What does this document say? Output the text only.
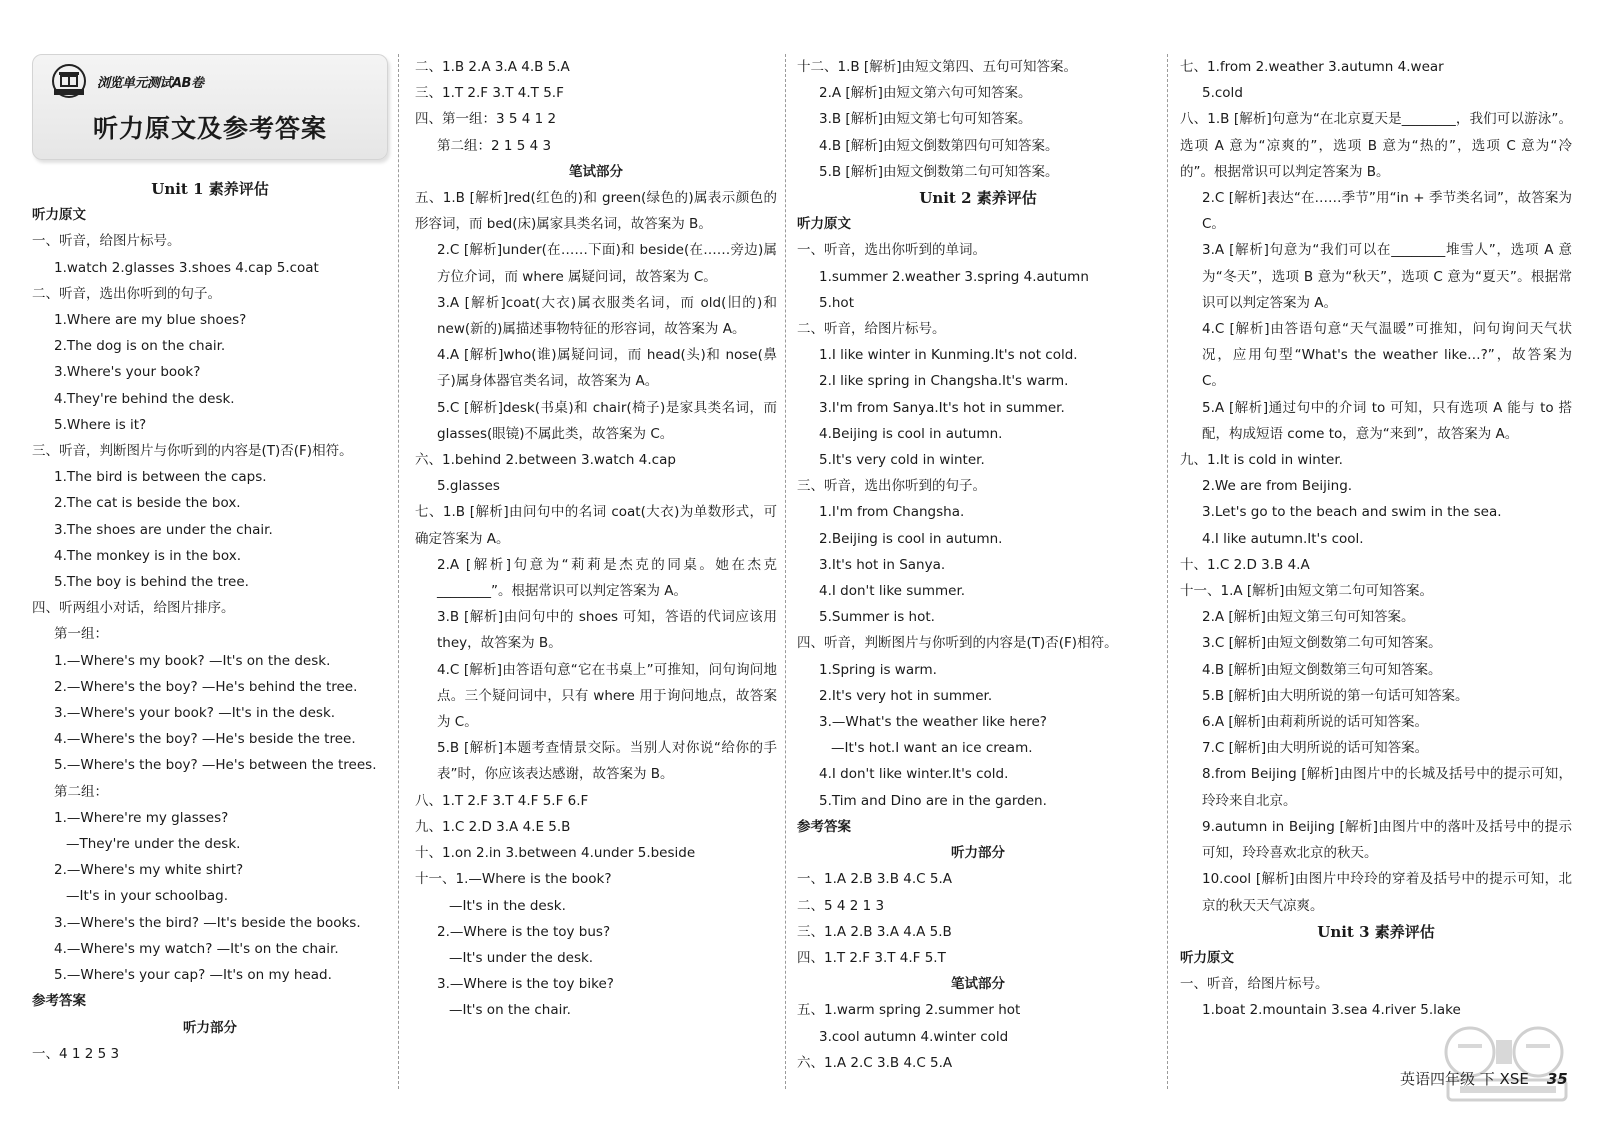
浏览单元测试AB卷
听力原文及参考答案
Unit 1 素养评估
听力原文
一、听音，给图片标号。
1.watch 2.glasses 3.shoes 4.cap 5.coat
二、听音，选出你听到的句子。
1.Where are my blue shoes?
2.The dog is on the chair.
3.Where's your book?
4.They're behind the desk.
5.Where is it?
三、听音，判断图片与你听到的内容是(T)否(F)相符。
1.The bird is between the caps.
2.The cat is beside the box.
3.The shoes are under the chair.
4.The monkey is in the box.
5.The boy is behind the tree.
四、听两组小对话，给图片排序。
第一组：
1.—Where's my book? —It's on the desk.
2.—Where's the boy? —He's behind the tree.
3.—Where's your book? —It's in the desk.
4.—Where's the boy? —He's beside the tree.
5.—Where's the boy? —He's between the trees.
第二组：
1.—Where're my glasses?
—They're under the desk.
2.—Where's my white shirt?
—It's in your schoolbag.
3.—Where's the bird? —It's beside the books.
4.—Where's my watch? —It's on the chair.
5.—Where's your cap? —It's on my head.
参考答案
听力部分
一、4 1 2 5 3
二、1.B 2.A 3.A 4.B 5.A
三、1.T 2.F 3.T 4.T 5.F
四、第一组：3 5 4 1 2
第二组：2 1 5 4 3
笔试部分
五、1.B [解析]red(红色的)和 green(绿色的)属表示颜色的形容词，而 bed(床)属家具类名词，故答案为 B。
2.C [解析]under(在……下面)和 beside(在……旁边)属方位介词，而 where 属疑问词，故答案为 C。
3.A [解析]coat(大衣)属衣服类名词，而 old(旧的)和 new(新的)属描述事物特征的形容词，故答案为 A。
4.A [解析]who(谁)属疑问词，而 head(头)和 nose(鼻子)属身体器官类名词，故答案为 A。
5.C [解析]desk(书桌)和 chair(椅子)是家具类名词，而 glasses(眼镜)不属此类，故答案为 C。
六、1.behind 2.between 3.watch 4.cap
5.glasses
七、1.B [解析]由问句中的名词 coat(大衣)为单数形式，可确定答案为 A。
2.A [解析]句意为“莉莉是杰克的同桌。她在杰克________”。根据常识可以判定答案为 A。
3.B [解析]由问句中的 shoes 可知，答语的代词应该用 they，故答案为 B。
4.C [解析]由答语句意“它在书桌上”可推知，问句询问地点。三个疑问词中，只有 where 用于询问地点，故答案为 C。
5.B [解析]本题考查情景交际。当别人对你说“给你的手表”时，你应该表达感谢，故答案为 B。
八、1.T 2.F 3.T 4.F 5.F 6.F
九、1.C 2.D 3.A 4.E 5.B
十、1.on 2.in 3.between 4.under 5.beside
十一、1.—Where is the book?
—It's in the desk.
2.—Where is the toy bus?
—It's under the desk.
3.—Where is the toy bike?
—It's on the chair.
十二、1.B [解析]由短文第四、五句可知答案。
2.A [解析]由短文第六句可知答案。
3.B [解析]由短文第七句可知答案。
4.B [解析]由短文倒数第四句可知答案。
5.B [解析]由短文倒数第二句可知答案。
Unit 2 素养评估
听力原文
一、听音，选出你听到的单词。
1.summer 2.weather 3.spring 4.autumn
5.hot
二、听音，给图片标号。
1.I like winter in Kunming.It's not cold.
2.I like spring in Changsha.It's warm.
3.I'm from Sanya.It's hot in summer.
4.Beijing is cool in autumn.
5.It's very cold in winter.
三、听音，选出你听到的句子。
1.I'm from Changsha.
2.Beijing is cool in autumn.
3.It's hot in Sanya.
4.I don't like summer.
5.Summer is hot.
四、听音，判断图片与你听到的内容是(T)否(F)相符。
1.Spring is warm.
2.It's very hot in summer.
3.—What's the weather like here?
—It's hot.I want an ice cream.
4.I don't like winter.It's cold.
5.Tim and Dino are in the garden.
参考答案
听力部分
一、1.A 2.B 3.B 4.C 5.A
二、5 4 2 1 3
三、1.A 2.B 3.A 4.A 5.B
四、1.T 2.F 3.T 4.F 5.T
笔试部分
五、1.warm spring 2.summer hot
3.cool autumn 4.winter cold
六、1.A 2.C 3.B 4.C 5.A
七、1.from 2.weather 3.autumn 4.wear
5.cold
八、1.B [解析]句意为“在北京夏天是________，我们可以游泳”。选项 A 意为“凉爽的”，选项 B 意为“热的”，选项 C 意为“冷的”。根据常识可以判定答案为 B。
2.C [解析]表达“在……季节”用“in + 季节类名词”，故答案为 C。
3.A [解析]句意为“我们可以在________堆雪人”，选项 A 意为“冬天”，选项 B 意为“秋天”，选项 C 意为“夏天”。根据常识可以判定答案为 A。
4.C [解析]由答语句意“天气温暖”可推知，问句询问天气状况，应用句型“What's the weather like…?”，故答案为 C。
5.A [解析]通过句中的介词 to 可知，只有选项 A 能与 to 搭配，构成短语 come to，意为“来到”，故答案为 A。
九、1.It is cold in winter.
2.We are from Beijing.
3.Let's go to the beach and swim in the sea.
4.I like autumn.It's cool.
十、1.C 2.D 3.B 4.A
十一、1.A [解析]由短文第二句可知答案。
2.A [解析]由短文第三句可知答案。
3.C [解析]由短文倒数第二句可知答案。
4.B [解析]由短文倒数第三句可知答案。
5.B [解析]由大明所说的第一句话可知答案。
6.A [解析]由莉莉所说的话可知答案。
7.C [解析]由大明所说的话可知答案。
8.from Beijing [解析]由图片中的长城及括号中的提示可知，玲玲来自北京。
9.autumn in Beijing [解析]由图片中的落叶及括号中的提示可知，玲玲喜欢北京的秋天。
10.cool [解析]由图片中玲玲的穿着及括号中的提示可知，北京的秋天天气凉爽。
Unit 3 素养评估
听力原文
一、听音，给图片标号。
1.boat 2.mountain 3.sea 4.river 5.lake
英语四年级 下 XSE 35
